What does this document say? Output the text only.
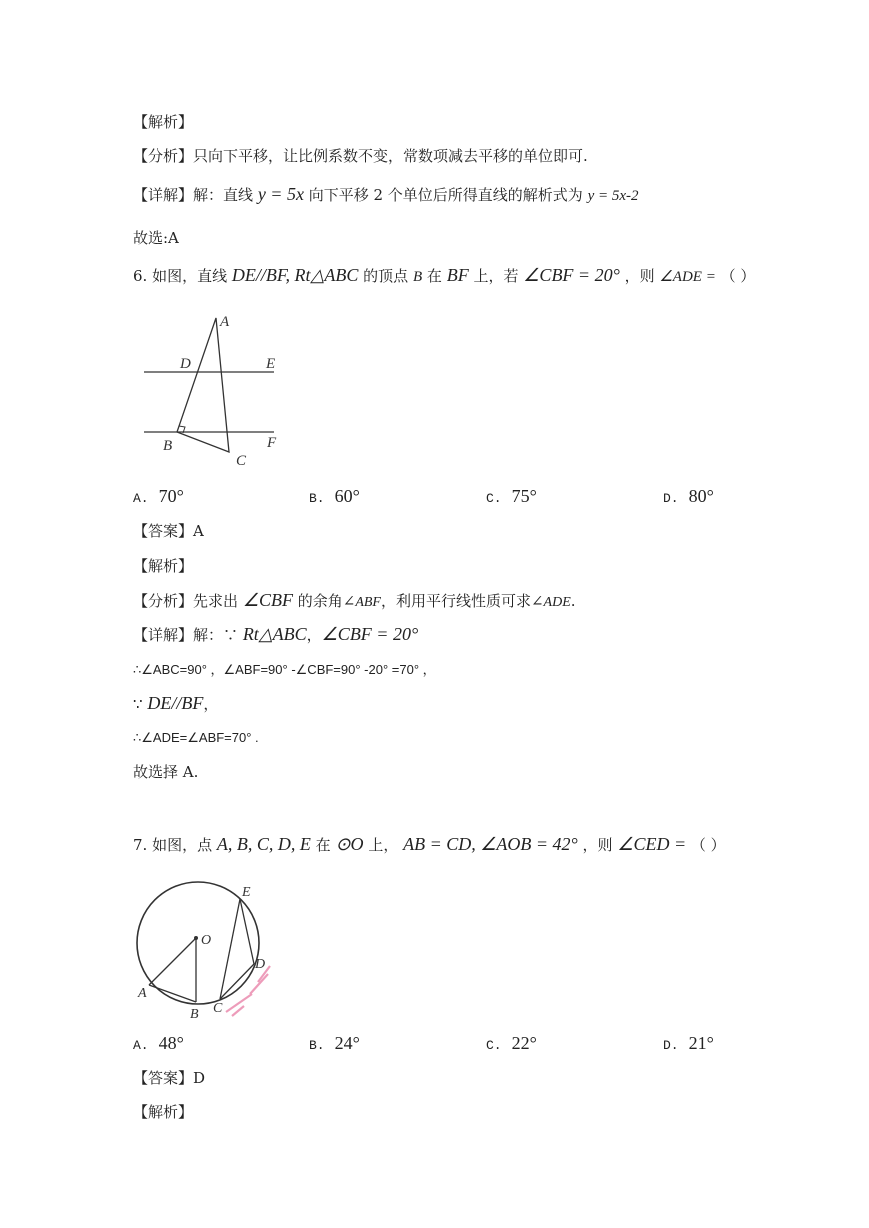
【解析】
【分析】只向下平移，让比例系数不变，常数项减去平移的单位即可.
【详解】解：直线 y = 5x 向下平移 2 个单位后所得直线的解析式为 y = 5x-2
故选:A
6. 如图，直线 DE//BF, Rt△ABC 的顶点 B 在 BF 上，若 ∠CBF = 20° ，则 ∠ADE = （ ）
A
D	E
B
C
F
A. 70°	B. 60°	C. 75°	D. 80°
【答案】A
【解析】
【分析】先求出 ∠CBF 的余角∠ABF，利用平行线性质可求∠ADE.
【详解】解：∵ Rt△ABC，∠CBF = 20°
∴∠ABC=90° ，∠ABF=90° -∠CBF=90° -20° =70° ，
∵ DE//BF，
∴∠ADE=∠ABF=70° .
故选择 A.
7. 如图，点 A, B, C, D, E 在 ⊙O 上， AB = CD, ∠AOB = 42° ，则 ∠CED = （ ）
O
E
D
A
B C
A. 48°	B. 24°	C. 22°	D. 21°
【答案】D
【解析】
